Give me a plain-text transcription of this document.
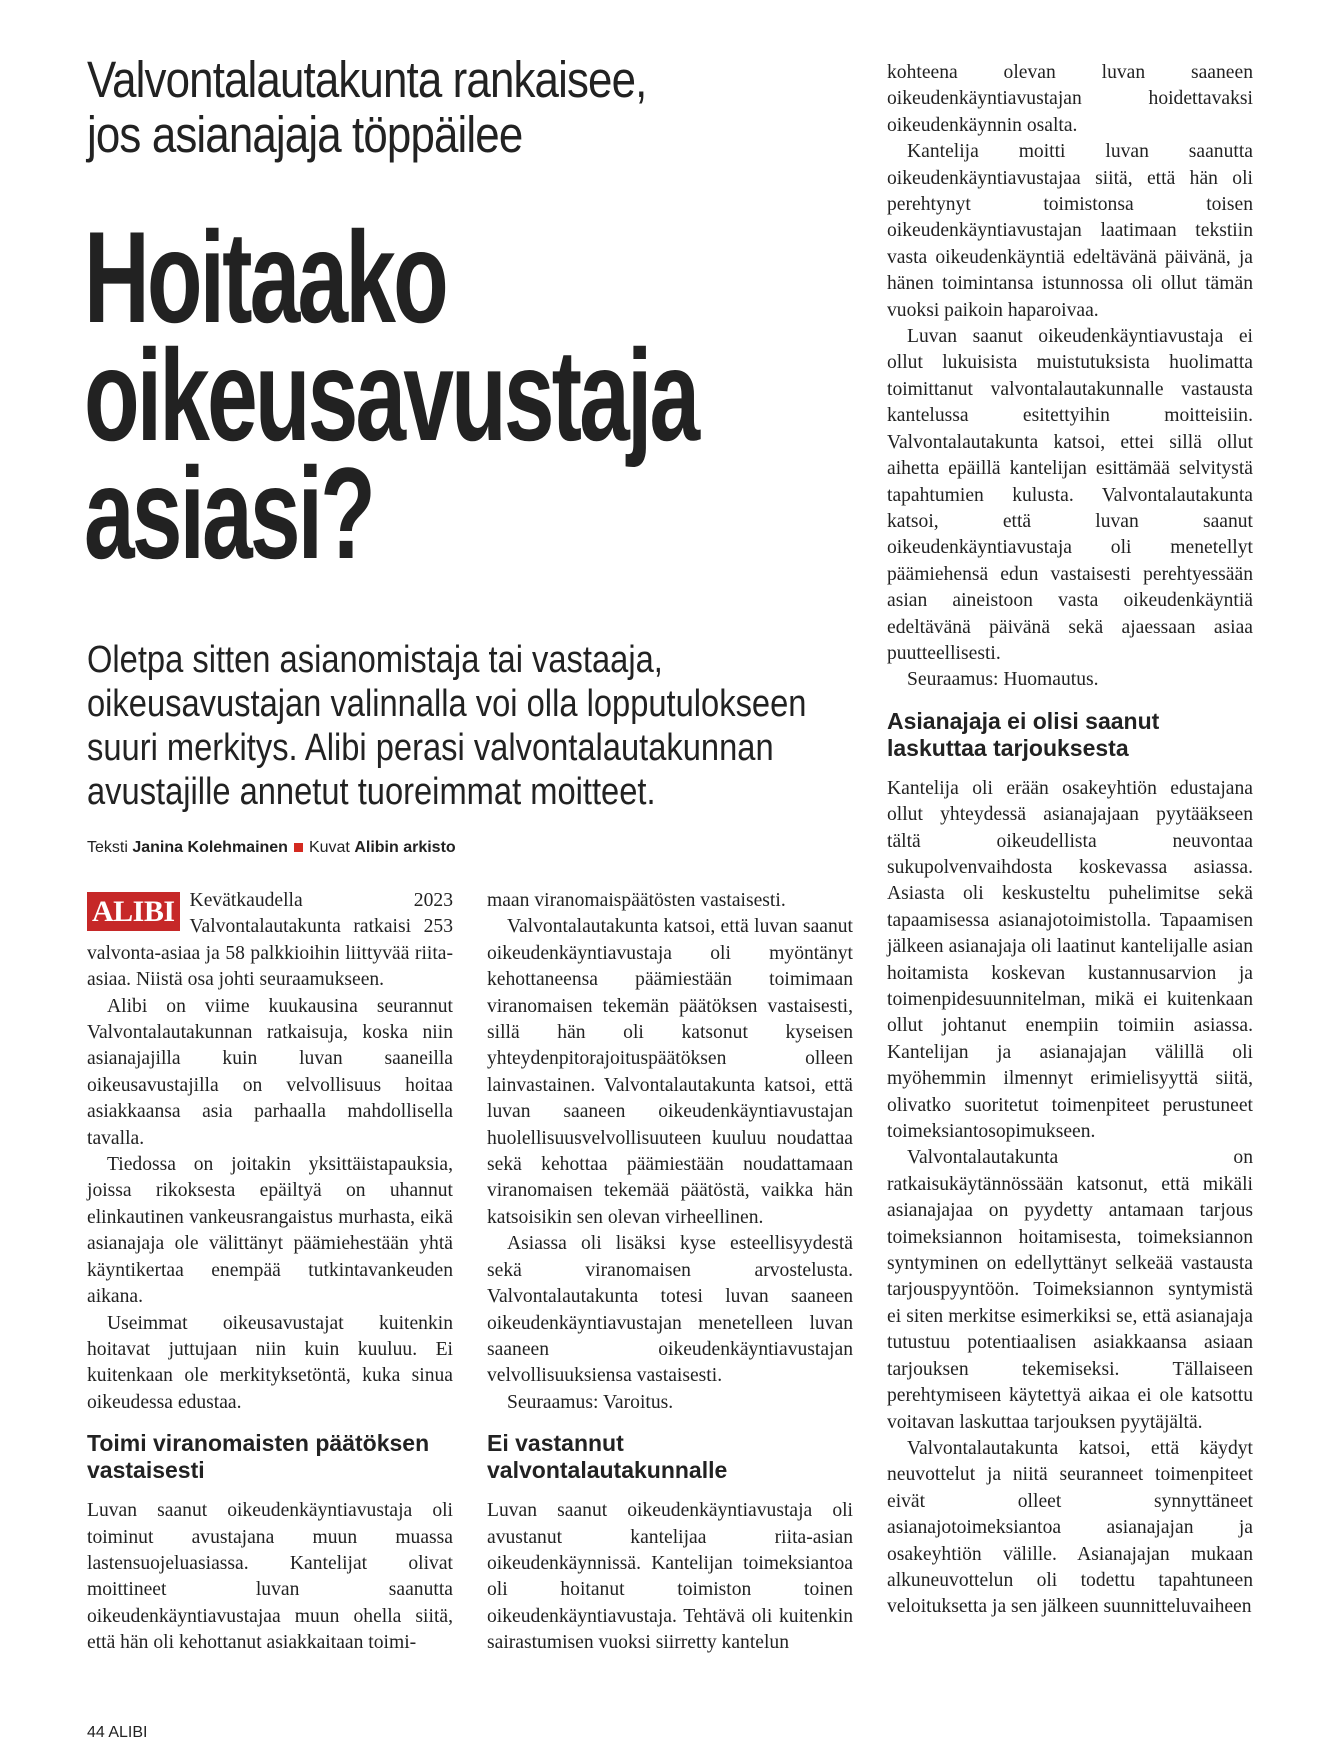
Valvontalautakunta rankaisee,
jos asianajaja töppäilee
Hoitaako
oikeusavustaja
asiasi?
Oletpa sitten asianomistaja tai vastaaja,
oikeusavustajan valinnalla voi olla lopputulokseen
suuri merkitys. Alibi perasi valvontalautakunnan
avustajille annetut tuoreimmat moitteet.
Teksti Janina Kolehmainen Kuvat Alibin arkisto

ALIBI Kevätkaudella 2023 Valvontalautakunta ratkaisi 253 valvonta-asiaa ja 58 palkkioihin liittyvää riita-asiaa. Niistä osa johti seuraamukseen.

Alibi on viime kuukausina seurannut Valvontalautakunnan ratkaisuja, koska niin asianajajilla kuin luvan saaneilla oikeusavustajilla on velvollisuus hoitaa asiakkaansa asia parhaalla mahdollisella tavalla.

Tiedossa on joitakin yksittäistapauksia, joissa rikoksesta epäiltyä on uhannut elinkautinen vankeusrangaistus murhasta, eikä asianajaja ole välittänyt päämiehestään yhtä käyntikertaa enempää tutkintavankeuden aikana.

Useimmat oikeusavustajat kuitenkin hoitavat juttujaan niin kuin kuuluu. Ei kuitenkaan ole merkityksetöntä, kuka sinua oikeudessa edustaa.

Toimi viranomaisten päätöksen vastaisesti

Luvan saanut oikeudenkäyntiavustaja oli toiminut avustajana muun muassa lastensuojeluasiassa. Kantelijat olivat moittineet luvan saanutta oikeudenkäyntiavustajaa muun ohella siitä, että hän oli kehottanut asiakkaitaan toimi-

maan viranomaispäätösten vastaisesti.

Valvontalautakunta katsoi, että luvan saanut oikeudenkäyntiavustaja oli myöntänyt kehottaneensa päämiestään toimimaan viranomaisen tekemän päätöksen vastaisesti, sillä hän oli katsonut kyseisen yhteydenpitorajoituspäätöksen olleen lainvastainen. Valvontalautakunta katsoi, että luvan saaneen oikeudenkäyntiavustajan huolellisuusvelvollisuuteen kuuluu noudattaa sekä kehottaa päämiestään noudattamaan viranomaisen tekemää päätöstä, vaikka hän katsoisikin sen olevan virheellinen.

Asiassa oli lisäksi kyse esteellisyydestä sekä viranomaisen arvostelusta. Valvontalautakunta totesi luvan saaneen oikeudenkäyntiavustajan menetelleen luvan saaneen oikeudenkäyntiavustajan velvollisuuksiensa vastaisesti.

Seuraamus: Varoitus.

Ei vastannut valvontalautakunnalle

Luvan saanut oikeudenkäyntiavustaja oli avustanut kantelijaa riita-asian oikeudenkäynnissä. Kantelijan toimeksiantoa oli hoitanut toimiston toinen oikeudenkäyntiavustaja. Tehtävä oli kuitenkin sairastumisen vuoksi siirretty kantelun

kohteena olevan luvan saaneen oikeudenkäyntiavustajan hoidettavaksi oikeudenkäynnin osalta.

Kantelija moitti luvan saanutta oikeudenkäyntiavustajaa siitä, että hän oli perehtynyt toimistonsa toisen oikeudenkäyntiavustajan laatimaan tekstiin vasta oikeudenkäyntiä edeltävänä päivänä, ja hänen toimintansa istunnossa oli ollut tämän vuoksi paikoin haparoivaa.

Luvan saanut oikeudenkäyntiavustaja ei ollut lukuisista muistutuksista huolimatta toimittanut valvontalautakunnalle vastausta kantelussa esitettyihin moitteisiin. Valvontalautakunta katsoi, ettei sillä ollut aihetta epäillä kantelijan esittämää selvitystä tapahtumien kulusta. Valvontalautakunta katsoi, että luvan saanut oikeudenkäyntiavustaja oli menetellyt päämiehensä edun vastaisesti perehtyessään asian aineistoon vasta oikeudenkäyntiä edeltävänä päivänä sekä ajaessaan asiaa puutteellisesti.

Seuraamus: Huomautus.

Asianajaja ei olisi saanut laskuttaa tarjouksesta

Kantelija oli erään osakeyhtiön edustajana ollut yhteydessä asianajajaan pyytääkseen tältä oikeudellista neuvontaa sukupolvenvaihdosta koskevassa asiassa. Asiasta oli keskusteltu puhelimitse sekä tapaamisessa asianajotoimistolla. Tapaamisen jälkeen asianajaja oli laatinut kantelijalle asian hoitamista koskevan kustannusarvion ja toimenpidesuunnitelman, mikä ei kuitenkaan ollut johtanut enempiin toimiin asiassa. Kantelijan ja asianajajan välillä oli myöhemmin ilmennyt erimielisyyttä siitä, olivatko suoritetut toimenpiteet perustuneet toimeksiantosopimukseen.

Valvontalautakunta on ratkaisukäytännössään katsonut, että mikäli asianajajaa on pyydetty antamaan tarjous toimeksiannon hoitamisesta, toimeksiannon syntyminen on edellyttänyt selkeää vastausta tarjouspyyntöön. Toimeksiannon syntymistä ei siten merkitse esimerkiksi se, että asianajaja tutustuu potentiaalisen asiakkaansa asiaan tarjouksen tekemiseksi. Tällaiseen perehtymiseen käytettyä aikaa ei ole katsottu voitavan laskuttaa tarjouksen pyytäjältä.

Valvontalautakunta katsoi, että käydyt neuvottelut ja niitä seuranneet toimenpiteet eivät olleet synnyttäneet asianajotoimeksiantoa asianajajan ja osakeyhtiön välille. Asianajajan mukaan alkuneuvottelun oli todettu tapahtuneen veloituksetta ja sen jälkeen suunnitteluvaiheen

44 ALIBI
